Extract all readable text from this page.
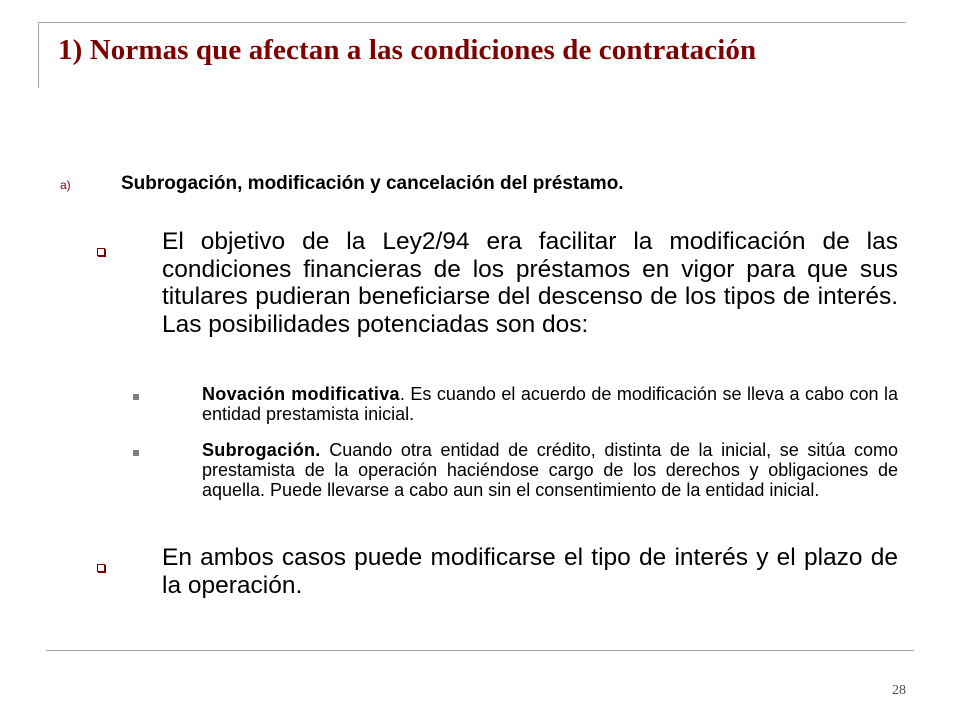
1) Normas que afectan a las condiciones de contratación
a)	Subrogación, modificación y cancelación del préstamo.

El objetivo de la Ley2/94 era facilitar la modificación de las condiciones financieras de los préstamos en vigor para que sus titulares pudieran beneficiarse del descenso de los tipos de interés. Las posibilidades potenciadas son dos:

Novación modificativa. Es cuando el acuerdo de modificación se lleva a cabo con la entidad prestamista inicial.

Subrogación. Cuando otra entidad de crédito, distinta de la inicial, se sitúa como prestamista de la operación haciéndose cargo de los derechos y obligaciones de aquella. Puede llevarse a cabo aun sin el consentimiento de la entidad inicial.

En ambos casos puede modificarse el tipo de interés y el plazo de la operación.

28
